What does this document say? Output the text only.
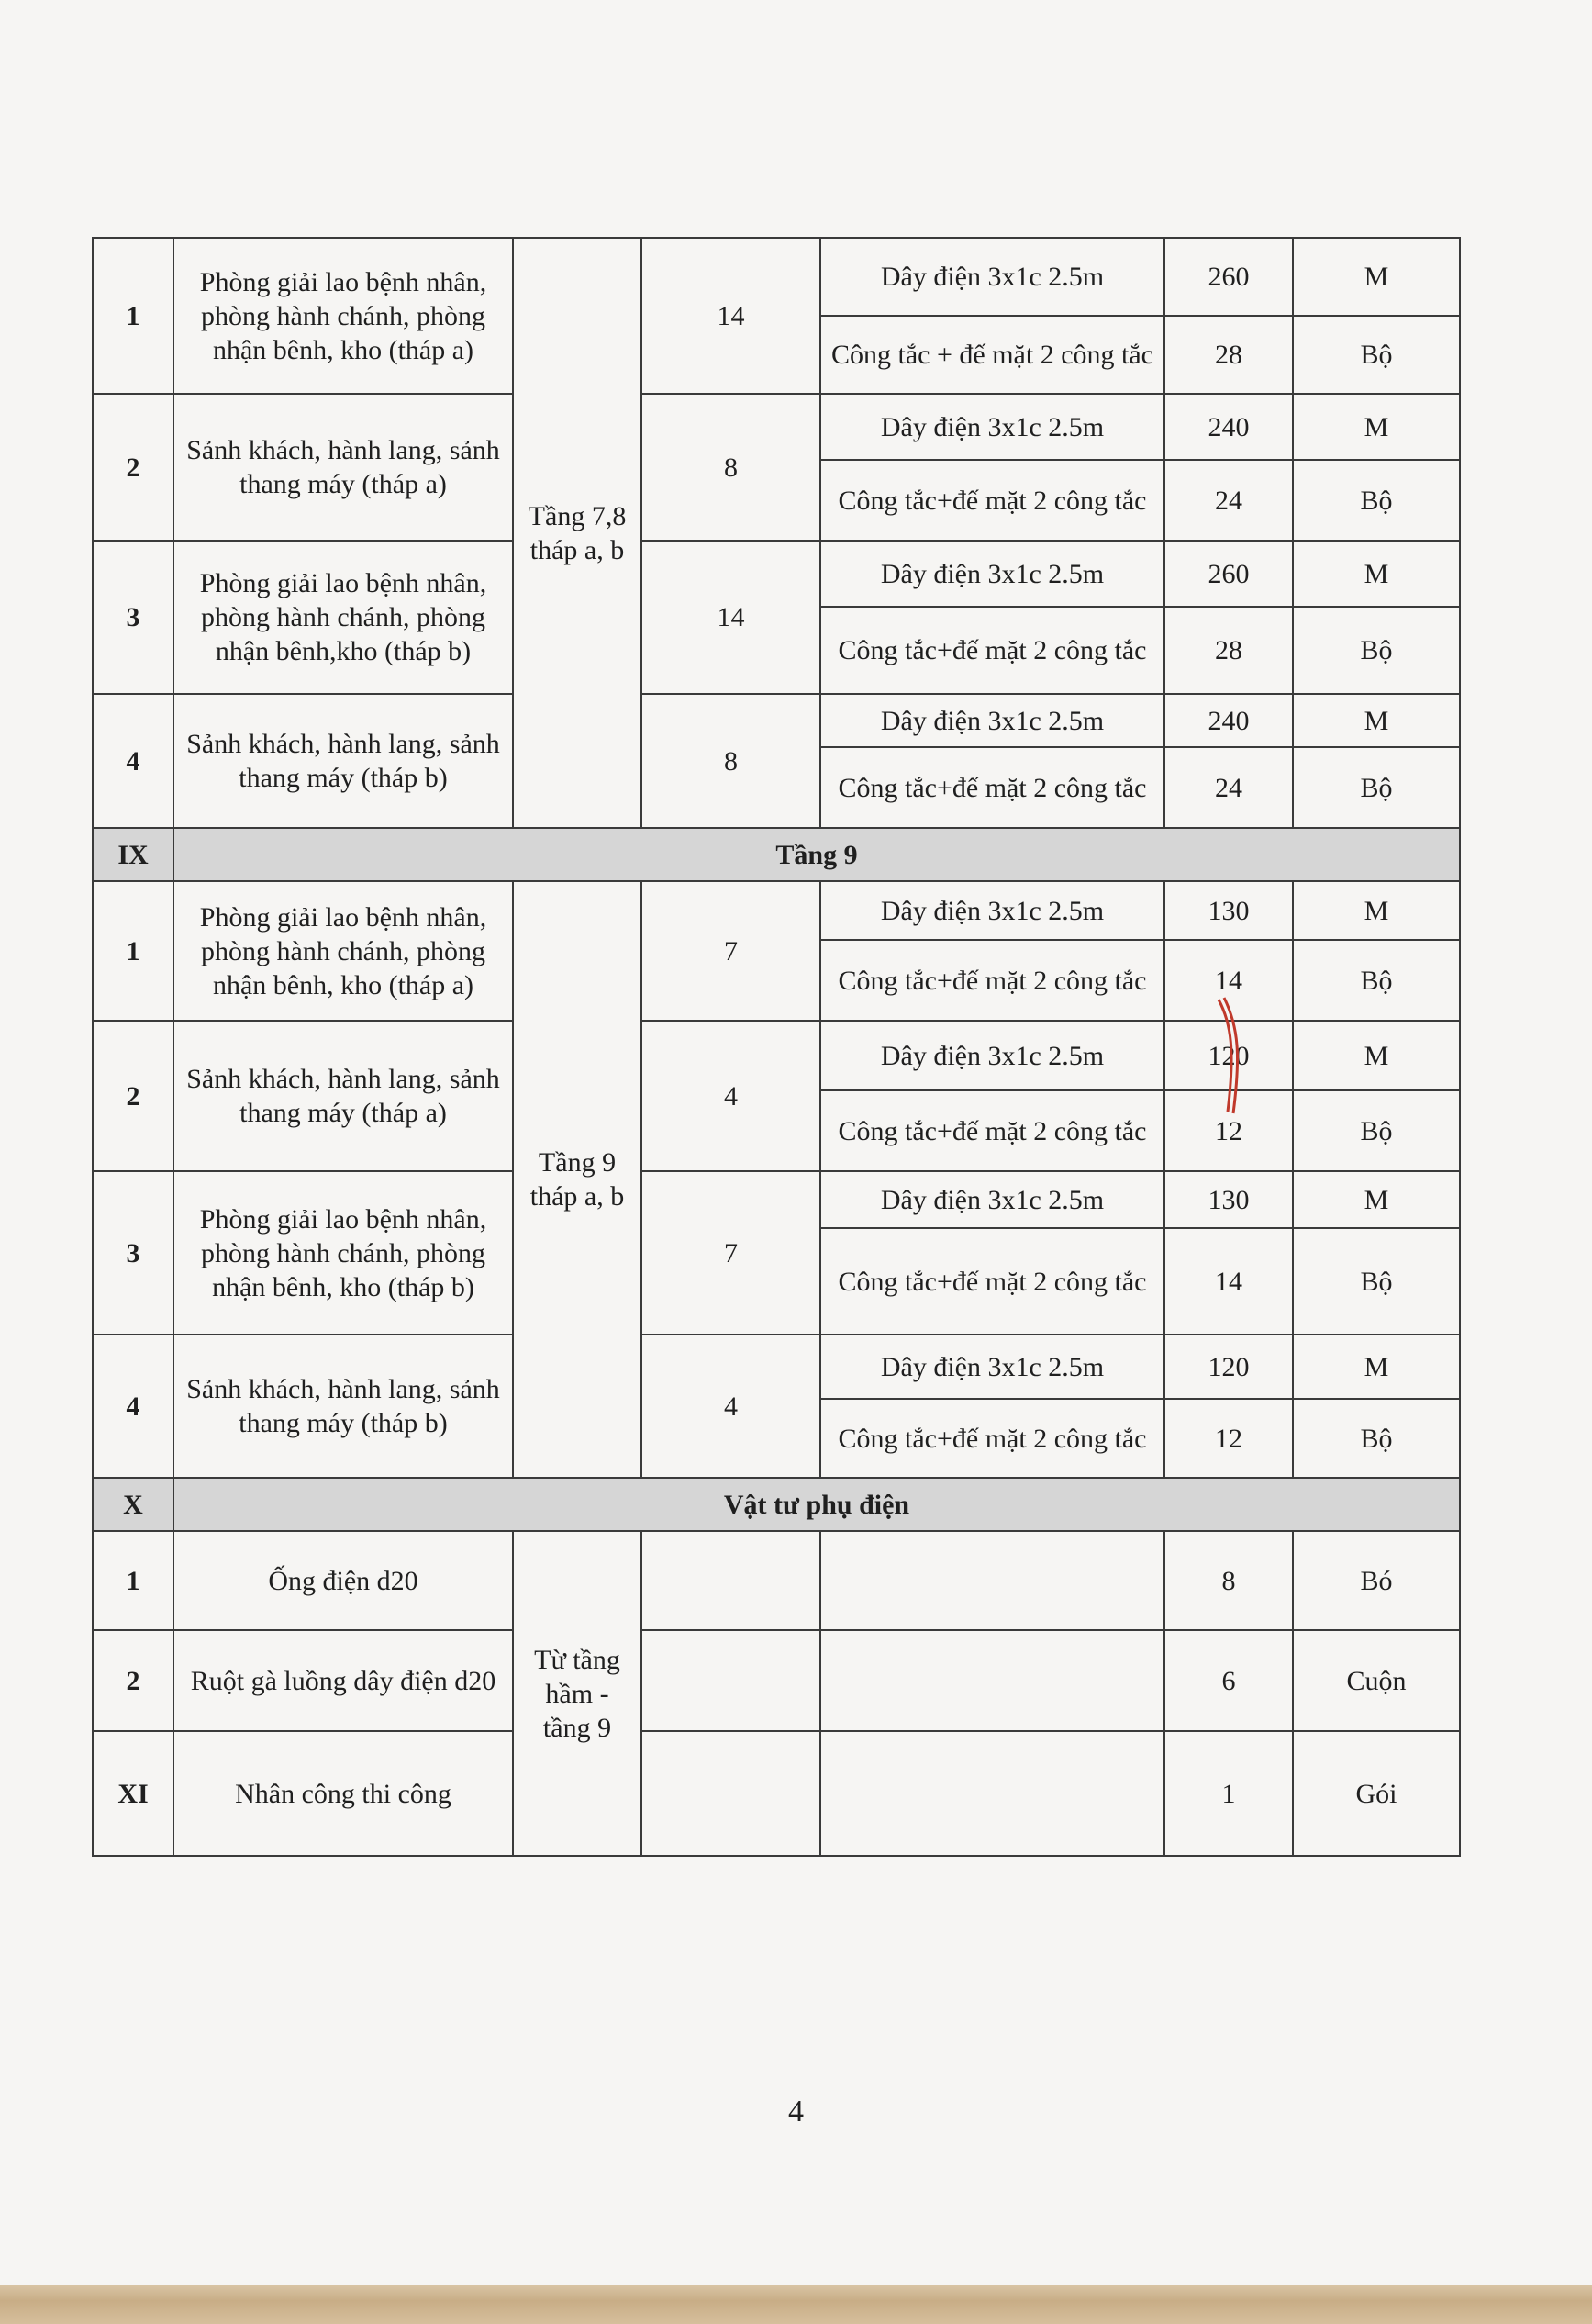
1	Phòng giải lao bệnh nhân, phòng hành chánh, phòng nhận bênh, kho (tháp a)	Tầng 7,8 tháp a, b	14	Dây điện 3x1c 2.5m	260	M
				Công tắc + đế mặt 2 công tắc	28	Bộ
2	Sảnh khách, hành lang, sảnh thang máy (tháp a)		8	Dây điện 3x1c 2.5m	240	M
				Công tắc+đế mặt 2 công tắc	24	Bộ
3	Phòng giải lao bệnh nhân, phòng hành chánh, phòng nhận bênh,kho (tháp b)		14	Dây điện 3x1c 2.5m	260	M
				Công tắc+đế mặt 2 công tắc	28	Bộ
4	Sảnh khách, hành lang, sảnh thang máy (tháp b)		8	Dây điện 3x1c 2.5m	240	M
				Công tắc+đế mặt 2 công tắc	24	Bộ
IX	Tầng 9					
1	Phòng giải lao bệnh nhân, phòng hành chánh, phòng nhận bênh, kho (tháp a)	Tầng 9 tháp a, b	7	Dây điện 3x1c 2.5m	130	M
				Công tắc+đế mặt 2 công tắc	14	Bộ
2	Sảnh khách, hành lang, sảnh thang máy (tháp a)		4	Dây điện 3x1c 2.5m	120	M
				Công tắc+đế mặt 2 công tắc	12	Bộ
3	Phòng giải lao bệnh nhân, phòng hành chánh, phòng nhận bênh, kho (tháp b)		7	Dây điện 3x1c 2.5m	130	M
				Công tắc+đế mặt 2 công tắc	14	Bộ
4	Sảnh khách, hành lang, sảnh thang máy (tháp b)		4	Dây điện 3x1c 2.5m	120	M
				Công tắc+đế mặt 2 công tắc	12	Bộ
X	Vật tư phụ điện					
1	Ống điện d20	Từ tầng hầm - tầng 9			8	Bó
2	Ruột gà luồng dây điện d20				6	Cuộn
XI	Nhân công thi công				1	Gói
4
